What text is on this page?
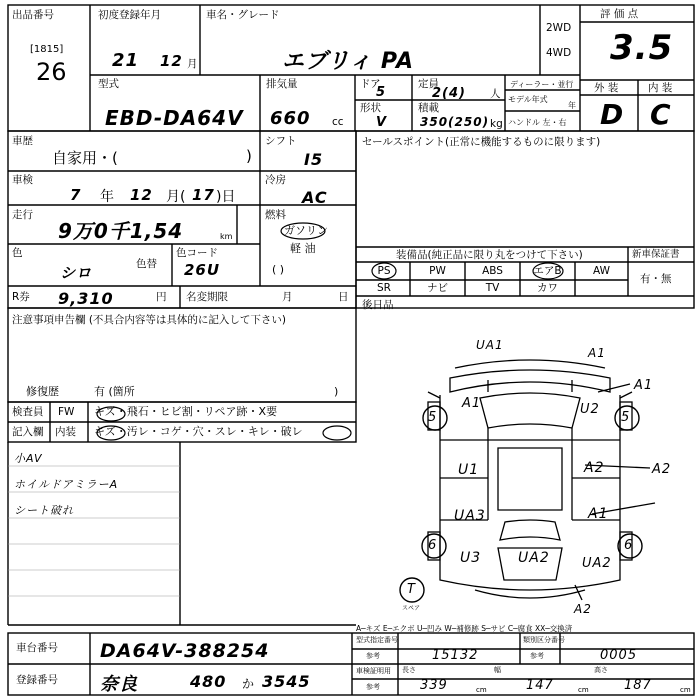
出品番号
[1815]
26
初度登録年月
21 12 月
車名・グレード
エブリィ PA
2WD
4WD
評 価 点
3.5
型式
EBD-DA64V
排気量
660 cc
ドア
5
定員
2(4) 人
ディーラー・並行
モデル年式
年
ハンドル 左・右
形状
V
積載
350(250) kg
外 装	内 装
D C
車歴
自家用・(	)
車検
7 年 12 月( 17 )日
走行
9万0千1,54	km
色
シロ	色替
色コード
26U
シフト
I5
冷房
AC
燃料
ガソリン
軽 油
( )
R券 9,310	円 名変期限	月	日
セールスポイント(正常に機能するものに限ります)
装備品(純正品に限り丸をつけて下さい)	新車保証書
有・無
PS	PW	ABS	エアB	AW
SR	ナビ	TV	カワ
後日品
注意事項申告欄 (不具合内容等は具体的に記入して下さい)
修復歴	有 (箇所	)
検査員
記入欄
FW
内装
キズ・飛石・ヒビ割・リペア跡・X要
キズ・汚レ・コゲ・穴・スレ・キレ・破レ
小AV
ホイルドアミラーA
シート破れ
UA1
A1
A1
A1	U2
5	5
U1	A2	A2
UA3	A1
6	6
U3	UA2 UA2
A2
T
スペア
A─キズ E─エクボ U─凹み W─補修跡 S─サビ C─腐食 XX─交換済
車台番号 DA64V-388254
登録番号 奈良	480 か 3545
型式指定番号
参考	15132
類別区分番号
参考	0005
車検証明用
参考
長さ
339	cm
幅
147	cm
高さ
187	cm
